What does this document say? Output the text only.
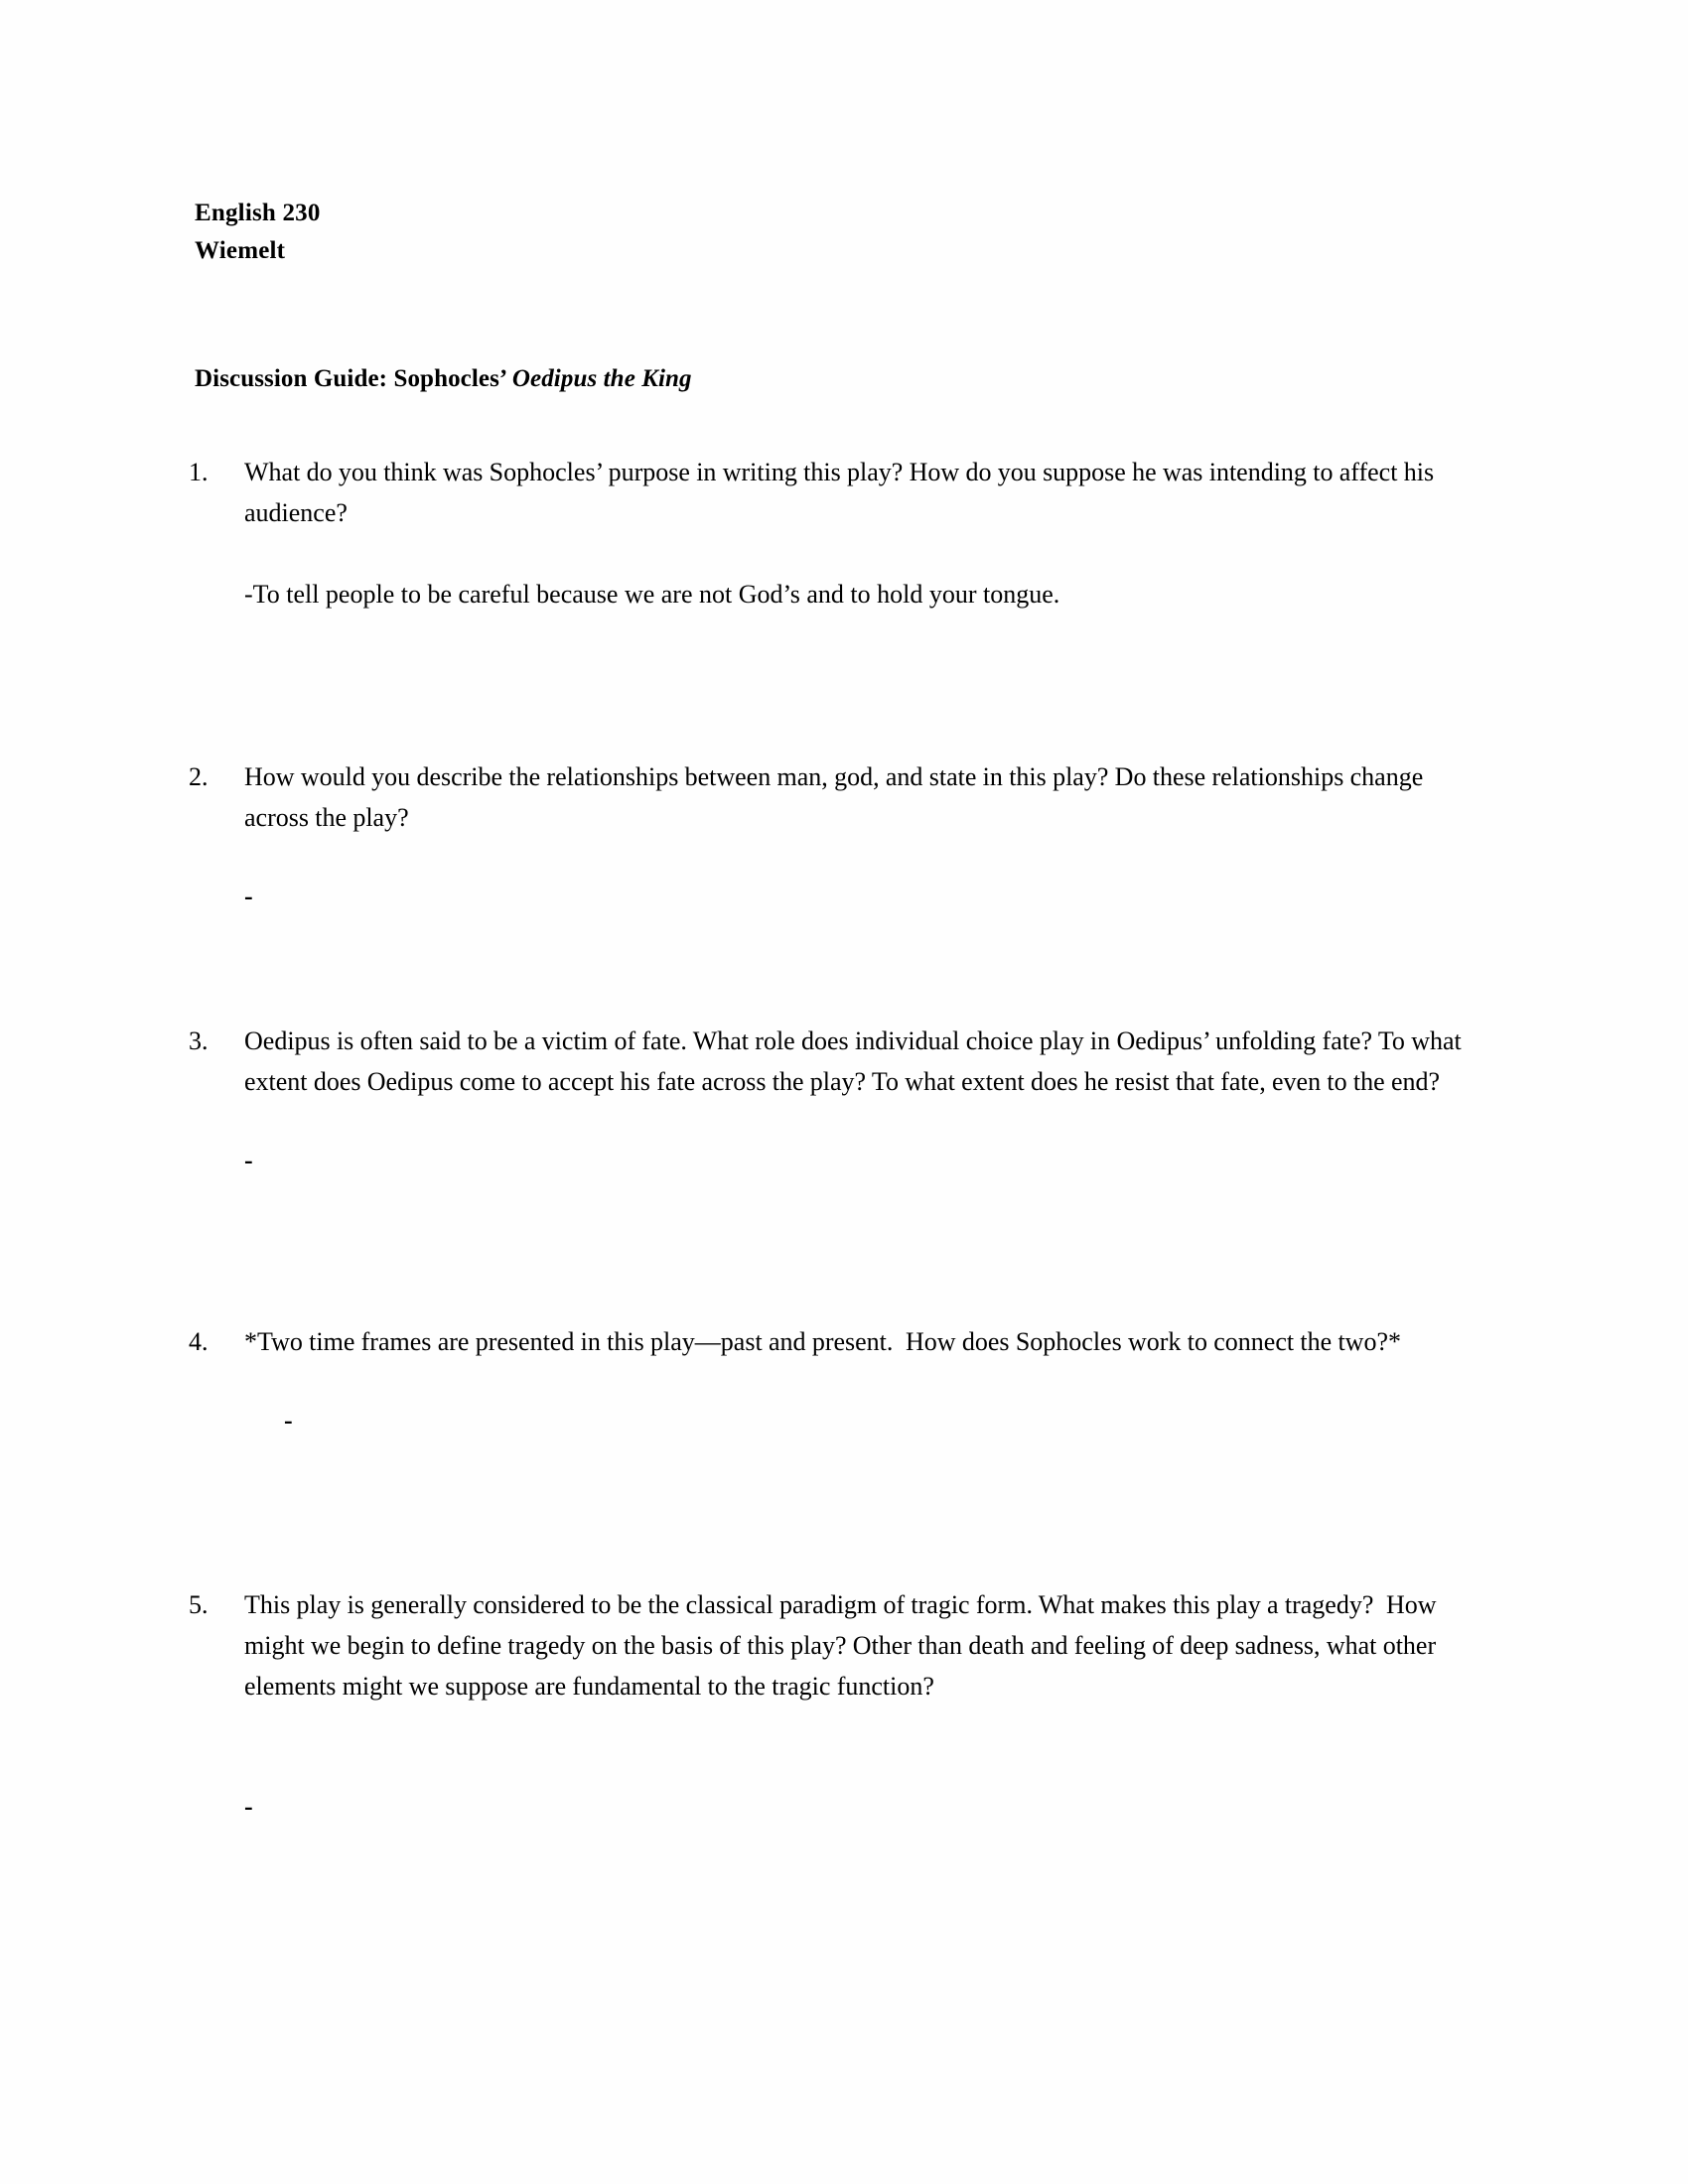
English 230
Wiemelt
Discussion Guide: Sophocles’ Oedipus the King
1.	What do you think was Sophocles’ purpose in writing this play? How do you suppose he was intending to affect his audience?
-To tell people to be careful because we are not God’s and to hold your tongue.
2.	How would you describe the relationships between man, god, and state in this play? Do these relationships change across the play?
-
3.	Oedipus is often said to be a victim of fate. What role does individual choice play in Oedipus’ unfolding fate? To what extent does Oedipus come to accept his fate across the play? To what extent does he resist that fate, even to the end?
-
4.	*Two time frames are presented in this play—past and present.  How does Sophocles work to connect the two?*
-
5.	This play is generally considered to be the classical paradigm of tragic form. What makes this play a tragedy?  How might we begin to define tragedy on the basis of this play? Other than death and feeling of deep sadness, what other elements might we suppose are fundamental to the tragic function?
-
